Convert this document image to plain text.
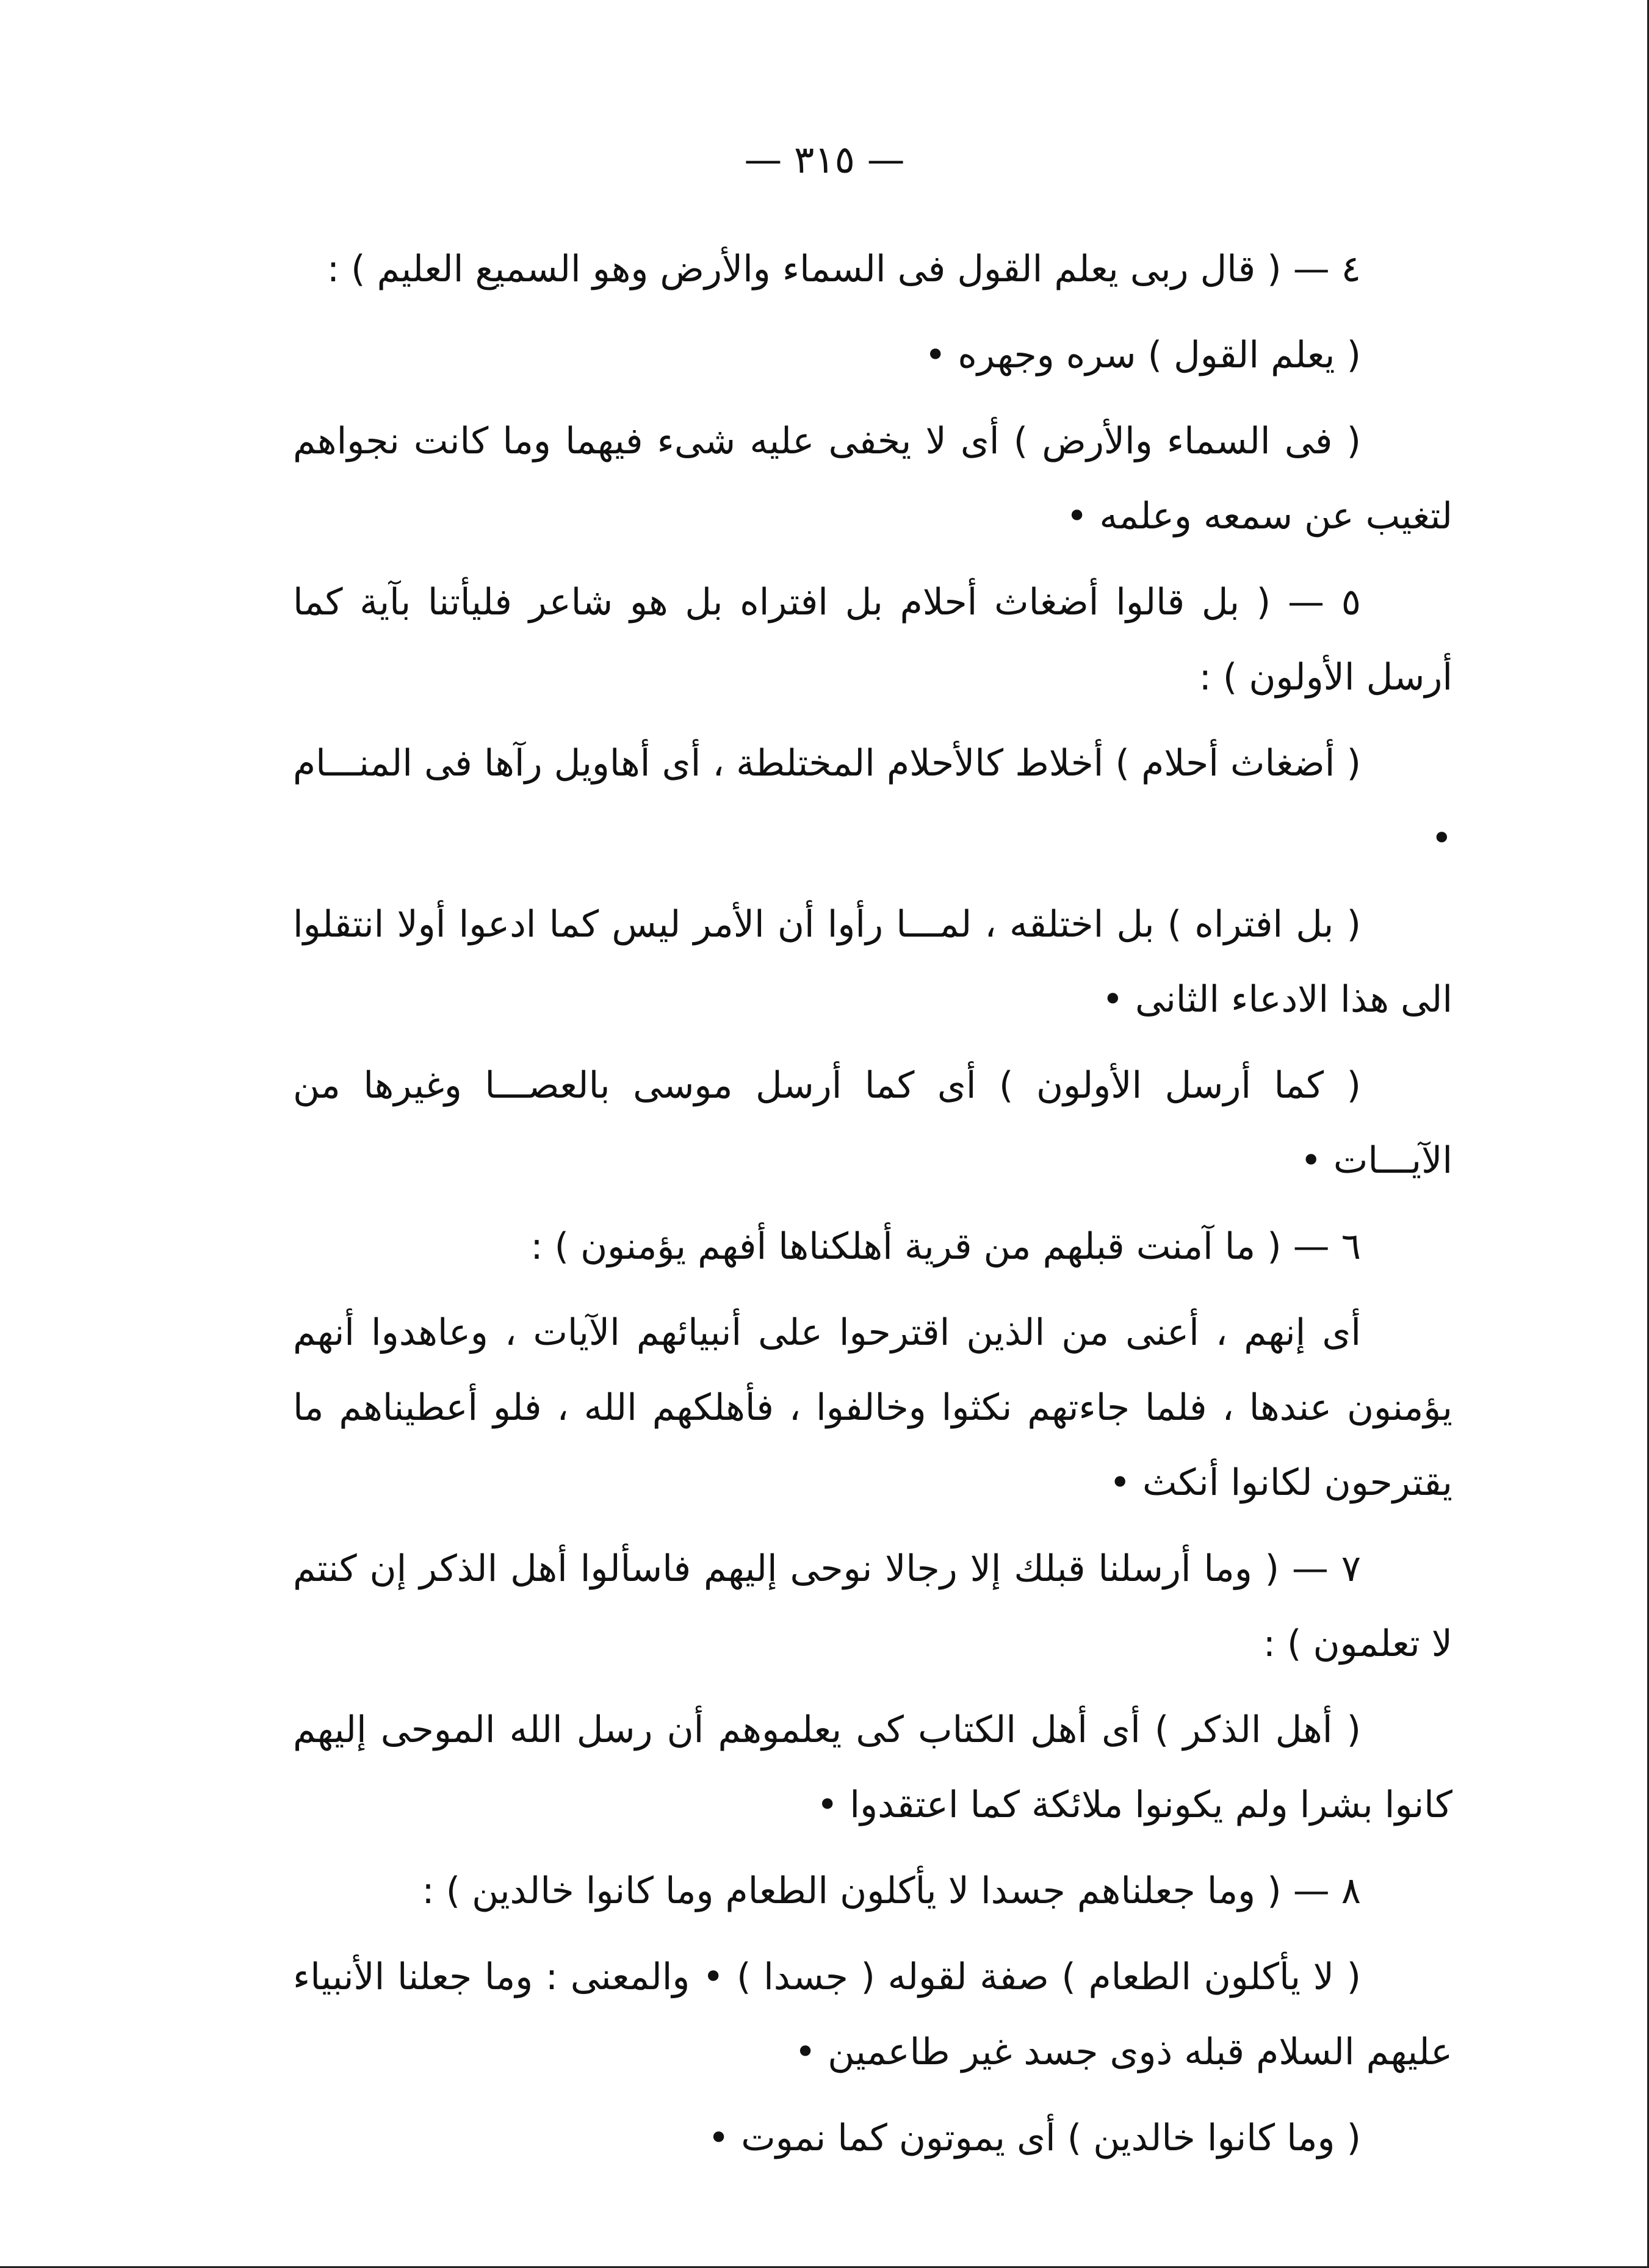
— ٣١٥ —

٤ — ( قال ربى يعلم القول فى السماء والأرض وهو السميع العليم ) :

( يعلم القول ) سره وجهره •

( فى السماء والأرض ) أى لا يخفى عليه شىء فيهما وما كانت نجواهم لتغيب عن سمعه وعلمه •

٥ — ( بل قالوا أضغاث أحلام بل افتراه بل هو شاعر فليأتنا بآية كما أرسل الأولون ) :

( أضغاث أحلام ) أخلاط كالأحلام المختلطة ، أى أهاويل رآها فى المنـــام •

( بل افتراه ) بل اختلقه ، لمـــا رأوا أن الأمر ليس كما ادعوا أولا انتقلوا الى هذا الادعاء الثانى •

( كما أرسل الأولون ) أى كما أرسل موسى بالعصـــا وغيرها من الآيـــات •

٦ — ( ما آمنت قبلهم من قرية أهلكناها أفهم يؤمنون ) :

أى إنهم ، أعنى من الذين اقترحوا على أنبيائهم الآيات ، وعاهدوا أنهم يؤمنون عندها ، فلما جاءتهم نكثوا وخالفوا ، فأهلكهم الله ، فلو أعطيناهم ما يقترحون لكانوا أنكث •

٧ — ( وما أرسلنا قبلك إلا رجالا نوحى إليهم فاسألوا أهل الذكر إن كنتم لا تعلمون ) :

( أهل الذكر ) أى أهل الكتاب كى يعلموهم أن رسل الله الموحى إليهم كانوا بشرا ولم يكونوا ملائكة كما اعتقدوا •

٨ — ( وما جعلناهم جسدا لا يأكلون الطعام وما كانوا خالدين ) :

( لا يأكلون الطعام ) صفة لقوله ( جسدا ) • والمعنى : وما جعلنا الأنبياء عليهم السلام قبله ذوى جسد غير طاعمين •

( وما كانوا خالدين ) أى يموتون كما نموت •
